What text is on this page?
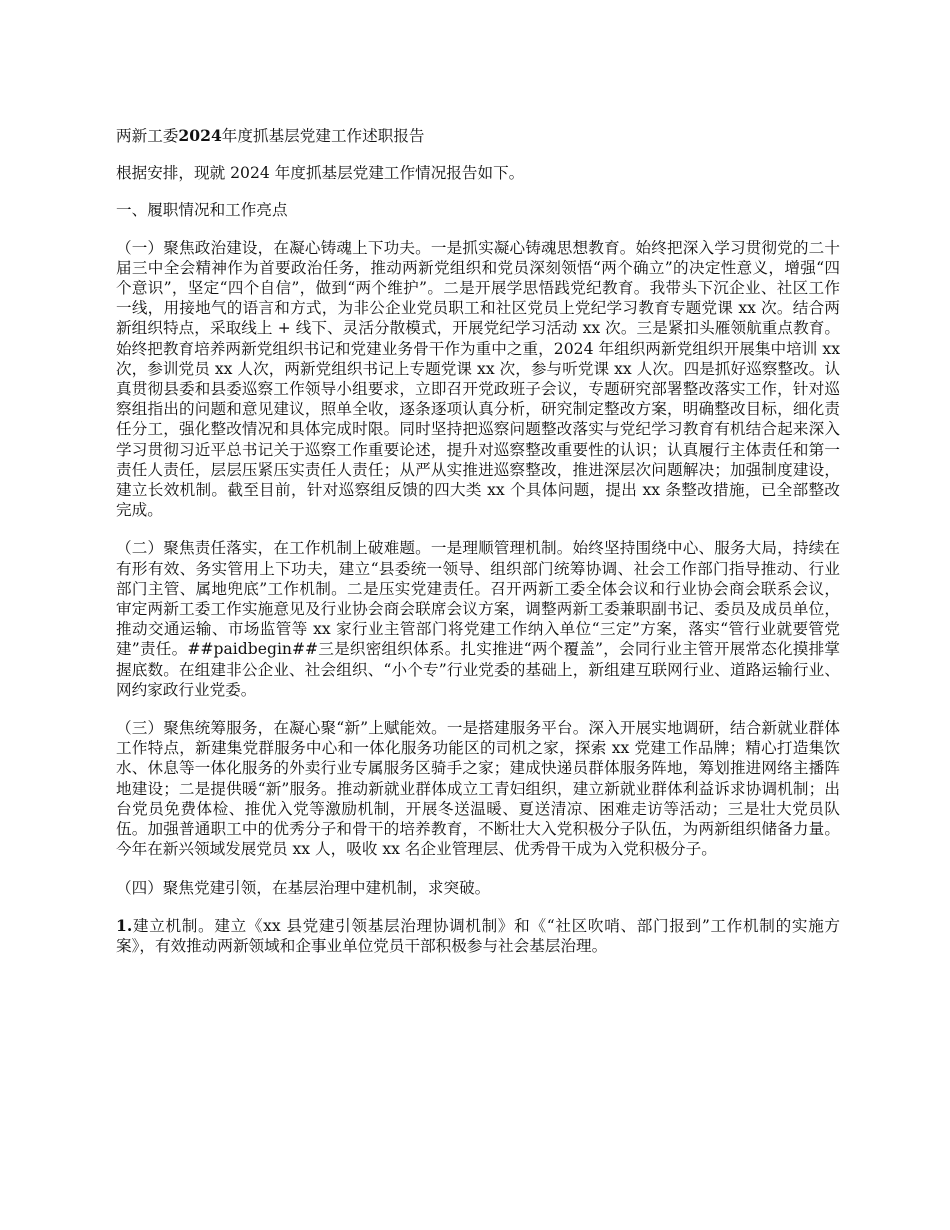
两新工委2024年度抓基层党建工作述职报告

根据安排，现就 2024 年度抓基层党建工作情况报告如下。

一、履职情况和工作亮点

（一）聚焦政治建设，在凝心铸魂上下功夫。一是抓实凝心铸魂思想教育。始终把深入学习贯彻党的二十届三中全会精神作为首要政治任务，推动两新党组织和党员深刻领悟“两个确立”的决定性意义，增强“四个意识”，坚定“四个自信”，做到“两个维护”。二是开展学思悟践党纪教育。我带头下沉企业、社区工作一线，用接地气的语言和方式，为非公企业党员职工和社区党员上党纪学习教育专题党课 xx 次。结合两新组织特点，采取线上 + 线下、灵活分散模式，开展党纪学习活动 xx 次。三是紧扣头雁领航重点教育。始终把教育培养两新党组织书记和党建业务骨干作为重中之重，2024 年组织两新党组织开展集中培训 xx 次，参训党员 xx 人次，两新党组织书记上专题党课 xx 次，参与听党课 xx 人次。四是抓好巡察整改。认真贯彻县委和县委巡察工作领导小组要求，立即召开党政班子会议，专题研究部署整改落实工作，针对巡察组指出的问题和意见建议，照单全收，逐条逐项认真分析，研究制定整改方案，明确整改目标，细化责任分工，强化整改情况和具体完成时限。同时坚持把巡察问题整改落实与党纪学习教育有机结合起来深入学习贯彻习近平总书记关于巡察工作重要论述，提升对巡察整改重要性的认识；认真履行主体责任和第一责任人责任，层层压紧压实责任人责任；从严从实推进巡察整改，推进深层次问题解决；加强制度建设，建立长效机制。截至目前，针对巡察组反馈的四大类 xx 个具体问题，提出 xx 条整改措施，已全部整改完成。

（二）聚焦责任落实，在工作机制上破难题。一是理顺管理机制。始终坚持围绕中心、服务大局，持续在有形有效、务实管用上下功夫，建立“县委统一领导、组织部门统筹协调、社会工作部门指导推动、行业部门主管、属地兜底”工作机制。二是压实党建责任。召开两新工委全体会议和行业协会商会联系会议，审定两新工委工作实施意见及行业协会商会联席会议方案，调整两新工委兼职副书记、委员及成员单位，推动交通运输、市场监管等 xx 家行业主管部门将党建工作纳入单位“三定”方案，落实“管行业就要管党建”责任。##paidbegin##三是织密组织体系。扎实推进“两个覆盖”，会同行业主管开展常态化摸排掌握底数。在组建非公企业、社会组织、“小个专”行业党委的基础上，新组建互联网行业、道路运输行业、网约家政行业党委。

（三）聚焦统筹服务，在凝心聚“新”上赋能效。一是搭建服务平台。深入开展实地调研，结合新就业群体工作特点，新建集党群服务中心和一体化服务功能区的司机之家，探索 xx 党建工作品牌；精心打造集饮水、休息等一体化服务的外卖行业专属服务区骑手之家；建成快递员群体服务阵地，筹划推进网络主播阵地建设；二是提供暖“新”服务。推动新就业群体成立工青妇组织，建立新就业群体利益诉求协调机制；出台党员免费体检、推优入党等激励机制，开展冬送温暖、夏送清凉、困难走访等活动；三是壮大党员队伍。加强普通职工中的优秀分子和骨干的培养教育，不断壮大入党积极分子队伍，为两新组织储备力量。今年在新兴领域发展党员 xx 人，吸收 xx 名企业管理层、优秀骨干成为入党积极分子。

（四）聚焦党建引领，在基层治理中建机制，求突破。

1.建立机制。建立《xx 县党建引领基层治理协调机制》和《“社区吹哨、部门报到”工作机制的实施方案》，有效推动两新领域和企事业单位党员干部积极参与社会基层治理。
